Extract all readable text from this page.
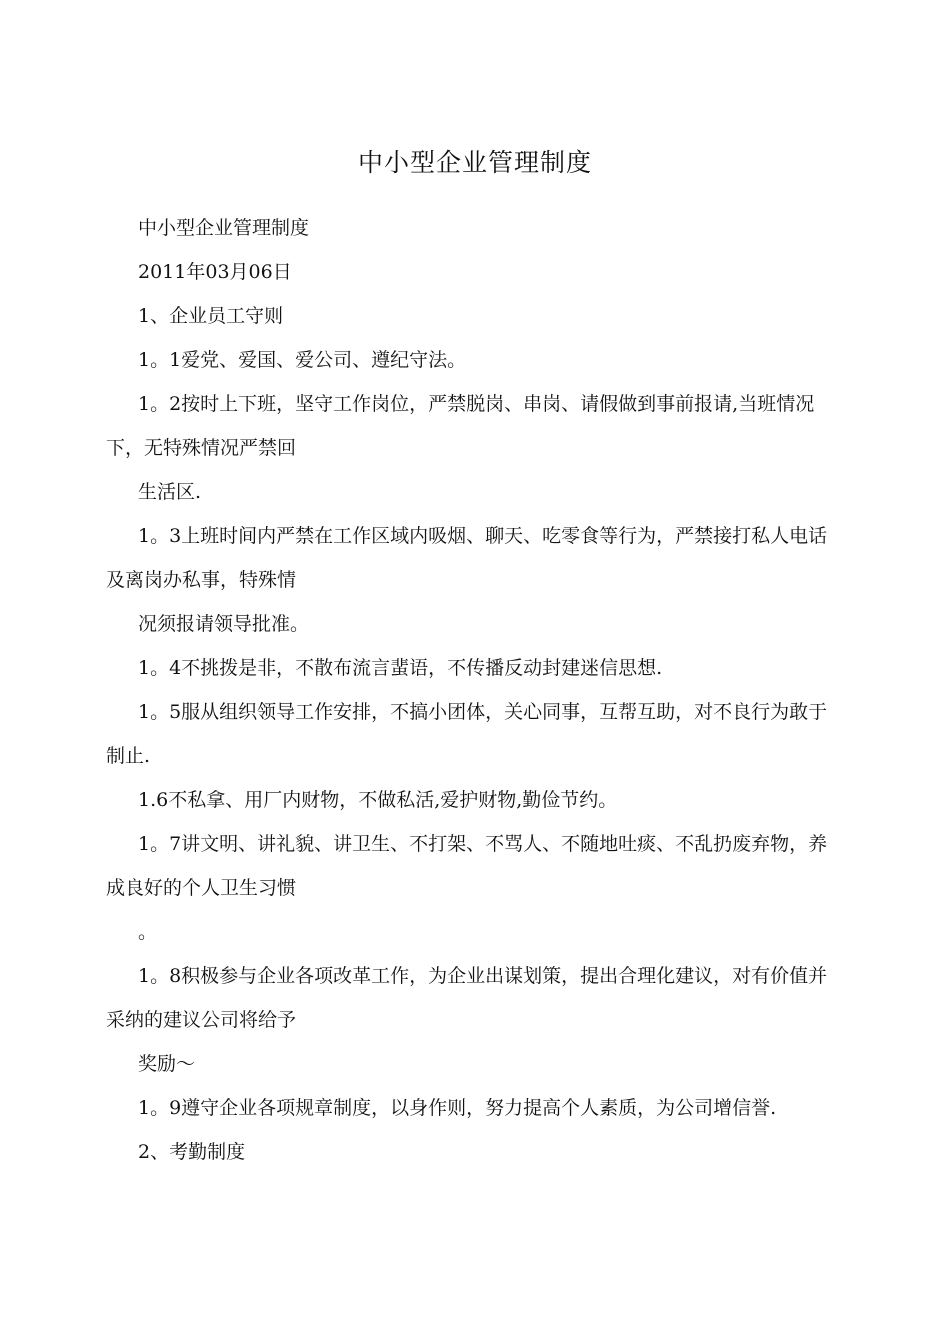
中小型企业管理制度

中小型企业管理制度

2011年03月06日

1、企业员工守则

1。1爱党、爱国、爱公司、遵纪守法。

1。2按时上下班，坚守工作岗位，严禁脱岗、串岗、请假做到事前报请,当班情况下，无特殊情况严禁回

生活区.

1。3上班时间内严禁在工作区域内吸烟、聊天、吃零食等行为，严禁接打私人电话及离岗办私事，特殊情

况须报请领导批准。

1。4不挑拨是非，不散布流言蜚语，不传播反动封建迷信思想.

1。5服从组织领导工作安排，不搞小团体，关心同事，互帮互助，对不良行为敢于制止.

1.6不私拿、用厂内财物，不做私活,爱护财物,勤俭节约。

1。7讲文明、讲礼貌、讲卫生、不打架、不骂人、不随地吐痰、不乱扔废弃物，养成良好的个人卫生习惯

。

1。8积极参与企业各项改革工作，为企业出谋划策，提出合理化建议，对有价值并采纳的建议公司将给予

奖励〜

1。9遵守企业各项规章制度，以身作则，努力提高个人素质，为公司增信誉.

2、考勤制度
